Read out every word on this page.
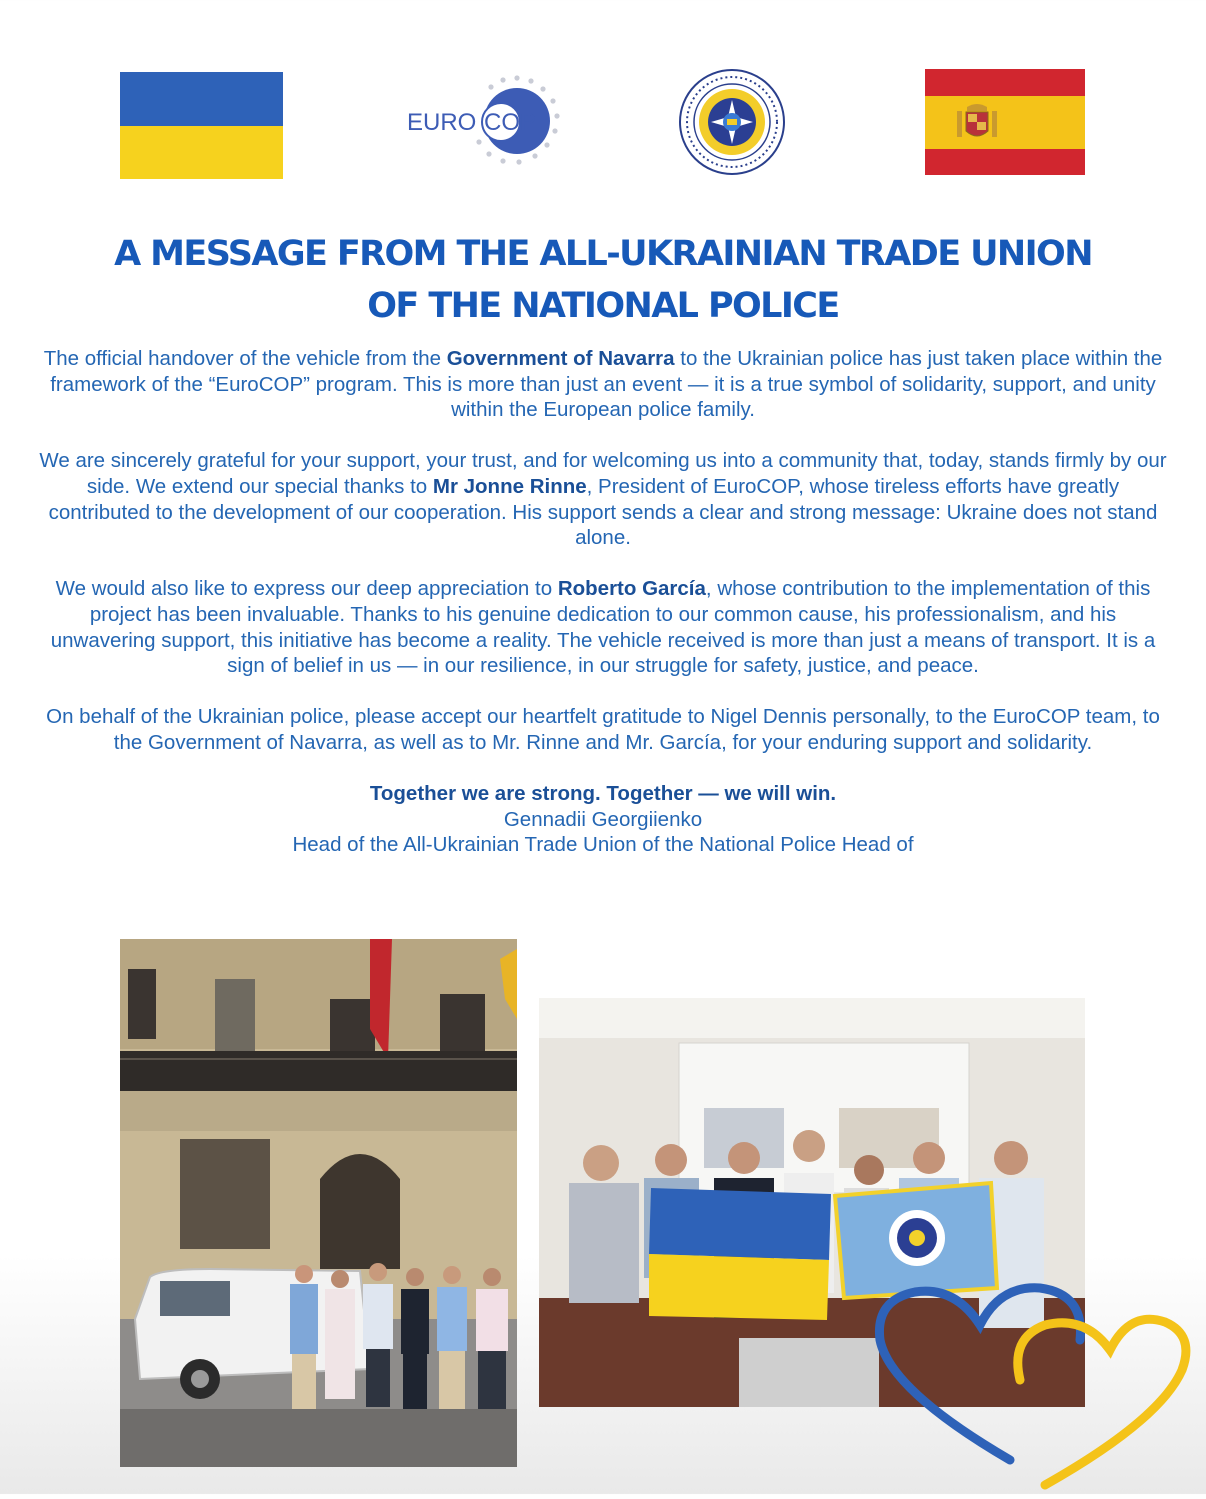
EURO COP
A MESSAGE FROM THE ALL-UKRAINIAN TRADE UNION
OF THE NATIONAL POLICE

The official handover of the vehicle from the Government of Navarra to the Ukrainian police has just taken place within the framework of the “EuroCOP” program. This is more than just an event — it is a true symbol of solidarity, support, and unity within the European police family.

We are sincerely grateful for your support, your trust, and for welcoming us into a community that, today, stands firmly by our side. We extend our special thanks to Mr Jonne Rinne, President of EuroCOP, whose tireless efforts have greatly contributed to the development of our cooperation. His support sends a clear and strong message: Ukraine does not stand alone.

We would also like to express our deep appreciation to Roberto García, whose contribution to the implementation of this project has been invaluable. Thanks to his genuine dedication to our common cause, his professionalism, and his unwavering support, this initiative has become a reality. The vehicle received is more than just a means of transport. It is a sign of belief in us — in our resilience, in our struggle for safety, justice, and peace.

On behalf of the Ukrainian police, please accept our heartfelt gratitude to Nigel Dennis personally, to the EuroCOP team, to the Government of Navarra, as well as to Mr. Rinne and Mr. García, for your enduring support and solidarity.

Together we are strong. Together — we will win.
Gennadii Georgiienko
Head of the All-Ukrainian Trade Union of the National Police Head of
